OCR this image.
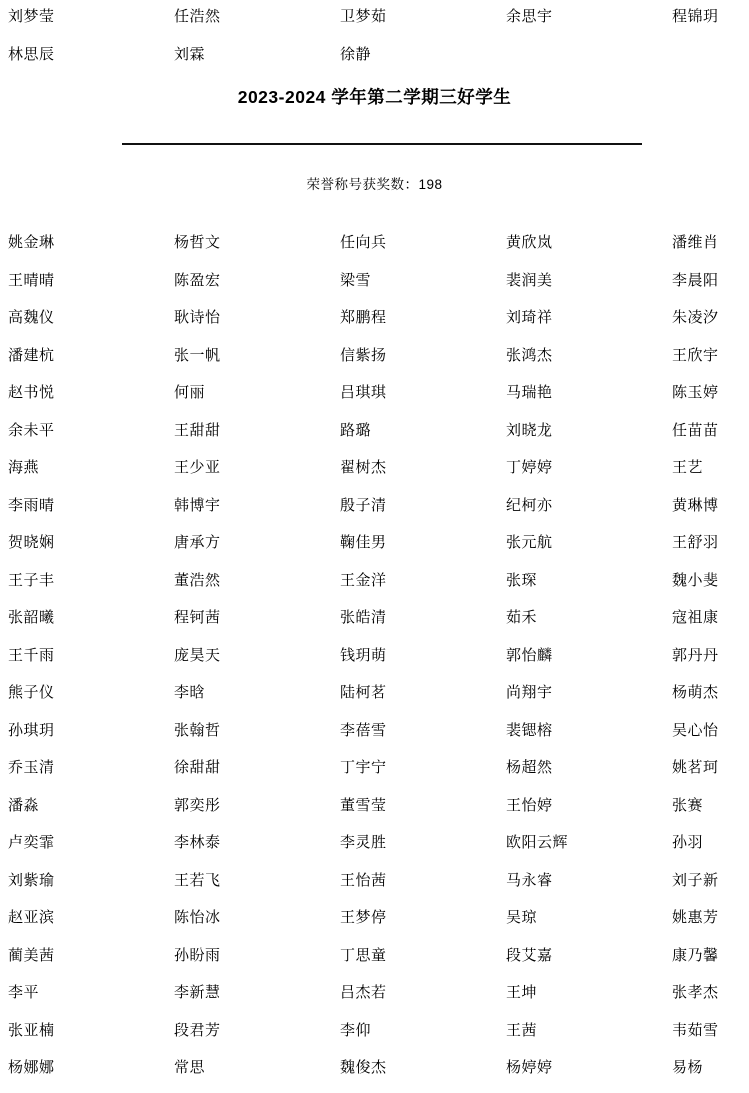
刘梦莹	任浩然	卫梦茹	余思宇	程锦玥
林思辰	刘霖	徐静
2023-2024 学年第二学期三好学生
荣誉称号获奖数：198
姚金琳	杨哲文	任向兵	黄欣岚	潘维肖
王晴晴	陈盈宏	梁雪	裴润美	李晨阳
高魏仪	耿诗怡	郑鹏程	刘琦祥	朱凌汐
潘建杭	张一帆	信紫扬	张鸿杰	王欣宇
赵书悦	何丽	吕琪琪	马瑞艳	陈玉婷
余未平	王甜甜	路璐	刘晓龙	任苗苗
海燕	王少亚	翟树杰	丁婷婷	王艺
李雨晴	韩博宇	殷子清	纪柯亦	黄琳博
贺晓娴	唐承方	鞠佳男	张元航	王舒羽
王子丰	董浩然	王金洋	张琛	魏小斐
张韶曦	程钶茜	张皓清	茹禾	寇祖康
王千雨	庞昊天	钱玥萌	郭怡麟	郭丹丹
熊子仪	李晗	陆柯茗	尚翔宇	杨萌杰
孙琪玥	张翰哲	李蓓雪	裴锶榕	吴心怡
乔玉清	徐甜甜	丁宇宁	杨超然	姚茗珂
潘淼	郭奕彤	董雪莹	王怡婷	张赛
卢奕霏	李林泰	李灵胜	欧阳云辉	孙羽
刘紫瑜	王若飞	王怡茜	马永睿	刘子新
赵亚滨	陈怡冰	王梦停	吴琼	姚惠芳
蔺美茜	孙盼雨	丁思童	段艾嘉	康乃馨
李平	李新慧	吕杰若	王坤	张孝杰
张亚楠	段君芳	李仰	王茜	韦茹雪
杨娜娜	常思	魏俊杰	杨婷婷	易杨
